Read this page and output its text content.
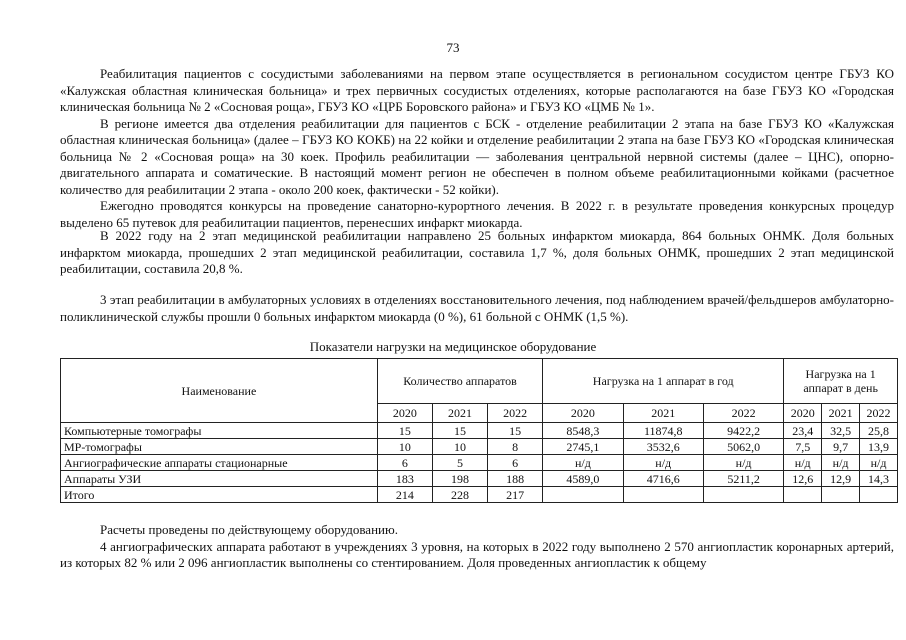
73

Реабилитация пациентов с сосудистыми заболеваниями на первом этапе осуществляется в региональном сосудистом центре ГБУЗ КО «Калужская областная клиническая больница» и трех первичных сосудистых отделениях, которые располагаются на базе ГБУЗ КО «Городская клиническая больница № 2 «Сосновая роща», ГБУЗ КО «ЦРБ Боровского района» и ГБУЗ КО «ЦМБ № 1».

В регионе имеется два отделения реабилитации для пациентов с БСК - отделение реабилитации 2 этапа на базе ГБУЗ КО «Калужская областная клиническая больница» (далее – ГБУЗ КО КОКБ) на 22 койки и отделение реабилитации 2 этапа на базе ГБУЗ КО «Городская клиническая больница № 2 «Сосновая роща» на 30 коек. Профиль реабилитации — заболевания центральной нервной системы (далее – ЦНС), опорно-двигательного аппарата и соматические. В настоящий момент регион не обеспечен в полном объеме реабилитационными койками (расчетное количество для реабилитации 2 этапа - около 200 коек, фактически - 52 койки).

Ежегодно проводятся конкурсы на проведение санаторно-курортного лечения. В 2022 г. в результате проведения конкурсных процедур выделено 65 путевок для реабилитации пациентов, перенесших инфаркт миокарда.

В 2022 году на 2 этап медицинской реабилитации направлено 25 больных инфарктом миокарда, 864 больных ОНМК. Доля больных инфарктом миокарда, прошедших 2 этап медицинской реабилитации, составила 1,7 %, доля больных ОНМК, прошедших 2 этап медицинской реабилитации, составила 20,8 %.

3 этап реабилитации в амбулаторных условиях в отделениях восстановительного лечения, под наблюдением врачей/фельдшеров амбулаторно-поликлинической службы прошли 0 больных инфарктом миокарда (0 %), 61 больной с ОНМК (1,5 %).

Показатели нагрузки на медицинское оборудование
Наименование	Количество аппаратов			Нагрузка на 1 аппарат в год			Нагрузка на 1 аппарат в день		
	2020	2021	2022	2020	2021	2022	2020	2021	2022
Компьютерные томографы	15	15	15	8548,3	11874,8	9422,2	23,4	32,5	25,8
МР-томографы	10	10	8	2745,1	3532,6	5062,0	7,5	9,7	13,9
Ангиографические аппараты стационарные	6	5	6	н/д	н/д	н/д	н/д	н/д	н/д
Аппараты УЗИ	183	198	188	4589,0	4716,6	5211,2	12,6	12,9	14,3
Итого	214	228	217						

Расчеты проведены по действующему оборудованию.

4 ангиографических аппарата работают в учреждениях 3 уровня, на которых в 2022 году выполнено 2 570 ангиопластик коронарных артерий, из которых 82 % или 2 096 ангиопластик выполнены со стентированием. Доля проведенных ангиопластик к общему
